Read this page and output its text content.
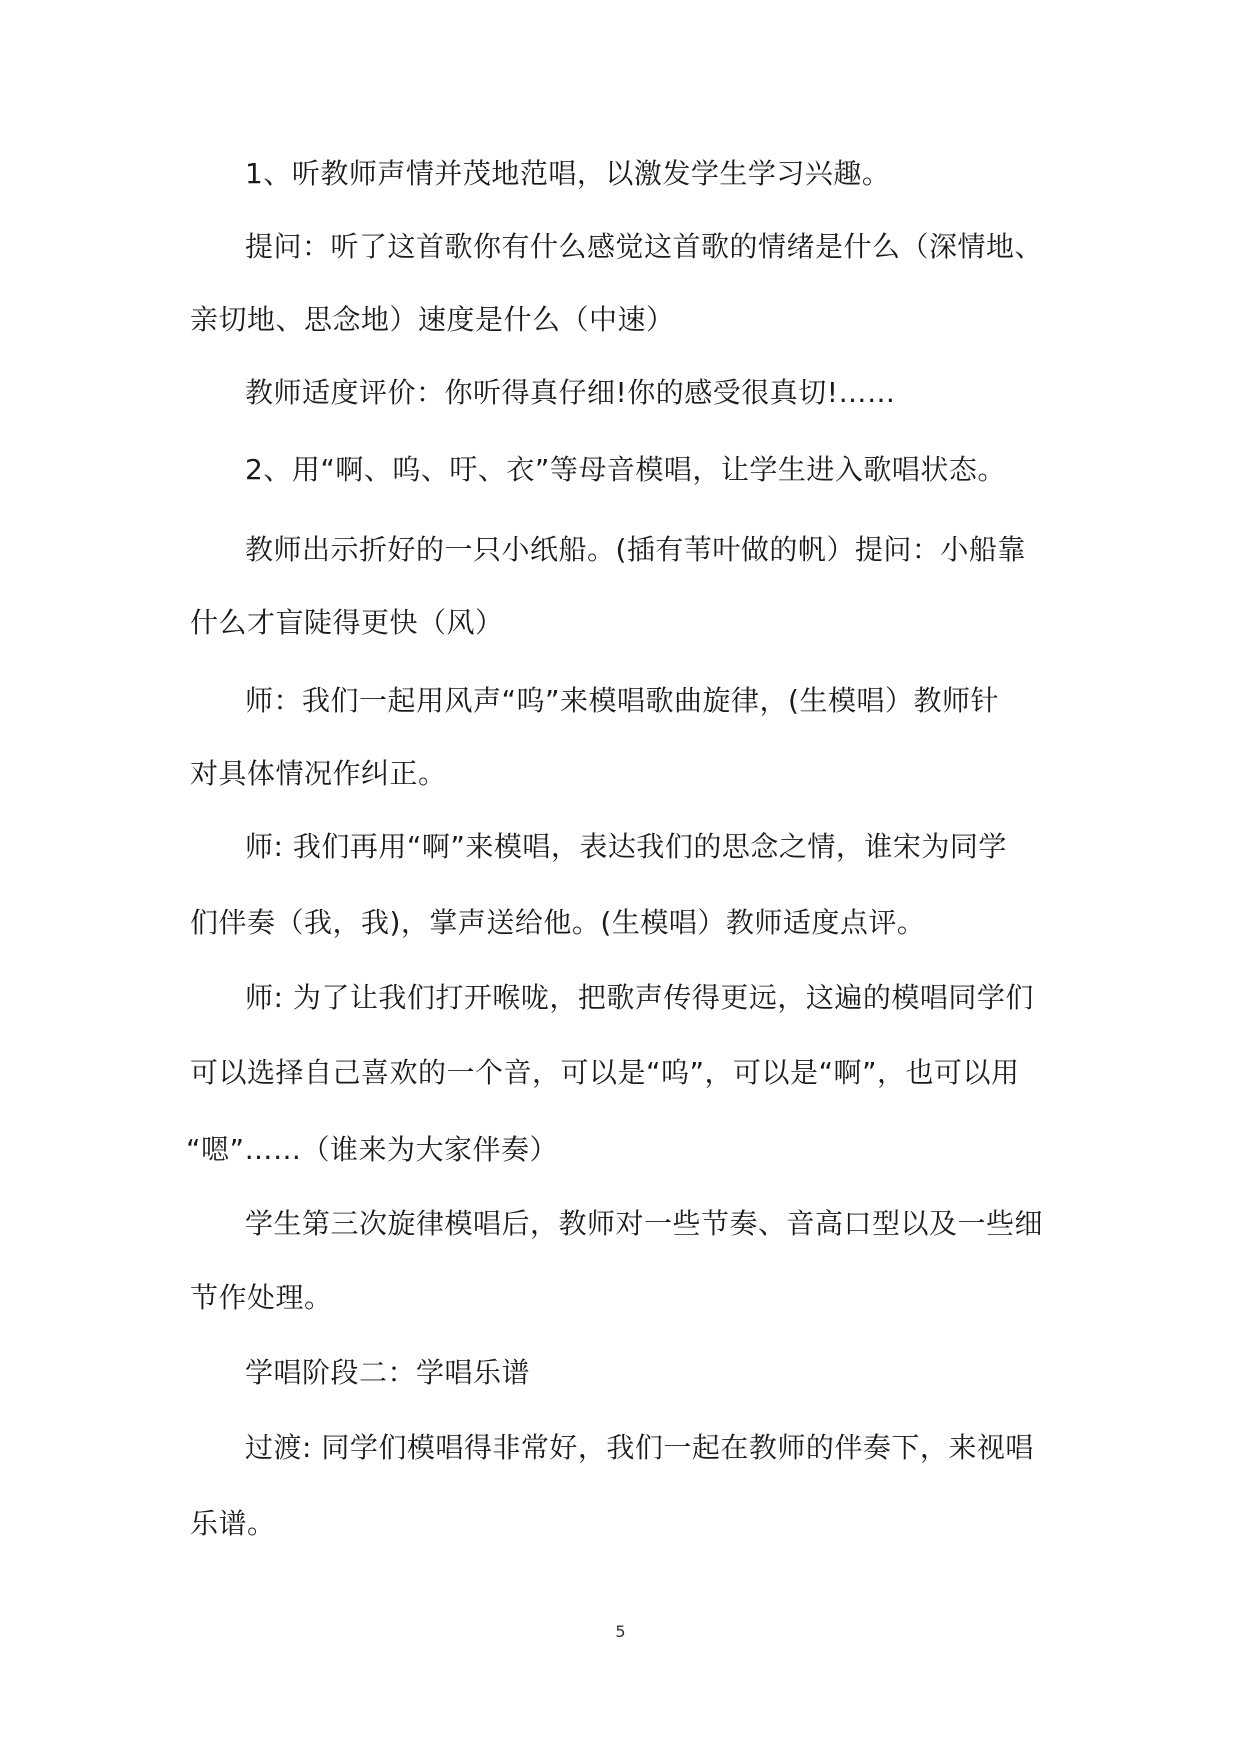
1、听教师声情并茂地范唱，以激发学生学习兴趣。

提问：听了这首歌你有什么感觉这首歌的情绪是什么（深情地、

亲切地、思念地）速度是什么（中速）

教师适度评价：你听得真仔细!你的感受很真切!……

2、用“啊、呜、吁、衣”等母音模唱，让学生进入歌唱状态。

教师出示折好的一只小纸船。(插有苇叶做的帆）提问：小船靠

什么才盲陡得更快（风）

师：我们一起用风声“呜”来模唱歌曲旋律，(生模唱）教师针

对具体情况作纠正。

师: 我们再用“啊”来模唱，表达我们的思念之情，谁宋为同学

们伴奏（我，我)，掌声送给他。(生模唱）教师适度点评。

师: 为了让我们打开喉咙，把歌声传得更远，这遍的模唱同学们

可以选择自己喜欢的一个音，可以是“呜”，可以是“啊”，也可以用

“嗯”……（谁来为大家伴奏）

学生第三次旋律模唱后，教师对一些节奏、音高口型以及一些细

节作处理。

学唱阶段二：学唱乐谱

过渡: 同学们模唱得非常好，我们一起在教师的伴奏下，来视唱

乐谱。

5
